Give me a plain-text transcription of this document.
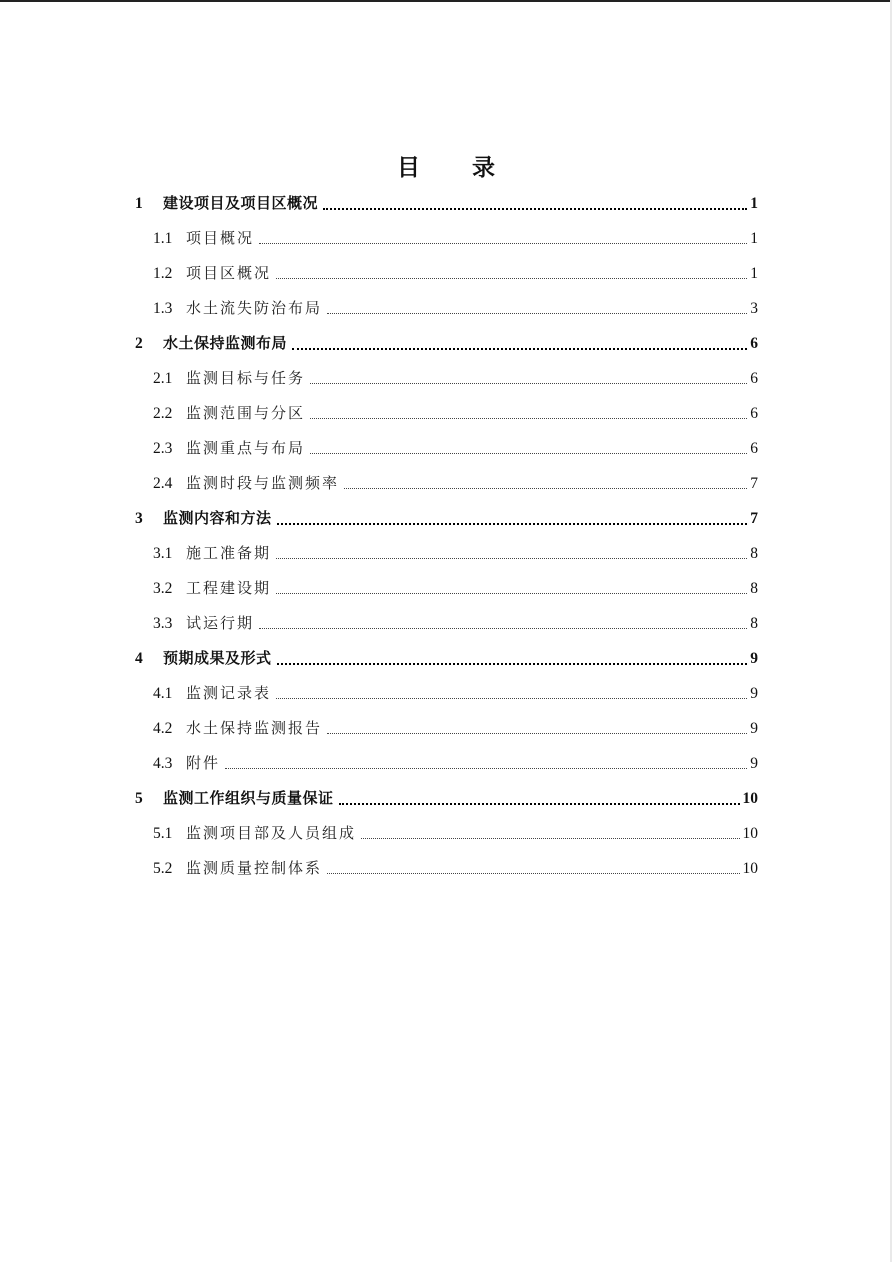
目 录
1 建设项目及项目区概况	1
1.1 项目概况	1
1.2 项目区概况	1
1.3 水土流失防治布局	3
2 水土保持监测布局	6
2.1 监测目标与任务	6
2.2 监测范围与分区	6
2.3 监测重点与布局	6
2.4 监测时段与监测频率	7
3 监测内容和方法	7
3.1 施工准备期	8
3.2 工程建设期	8
3.3 试运行期	8
4 预期成果及形式	9
4.1 监测记录表	9
4.2 水土保持监测报告	9
4.3 附件	9
5 监测工作组织与质量保证	10
5.1 监测项目部及人员组成	10
5.2 监测质量控制体系	10
